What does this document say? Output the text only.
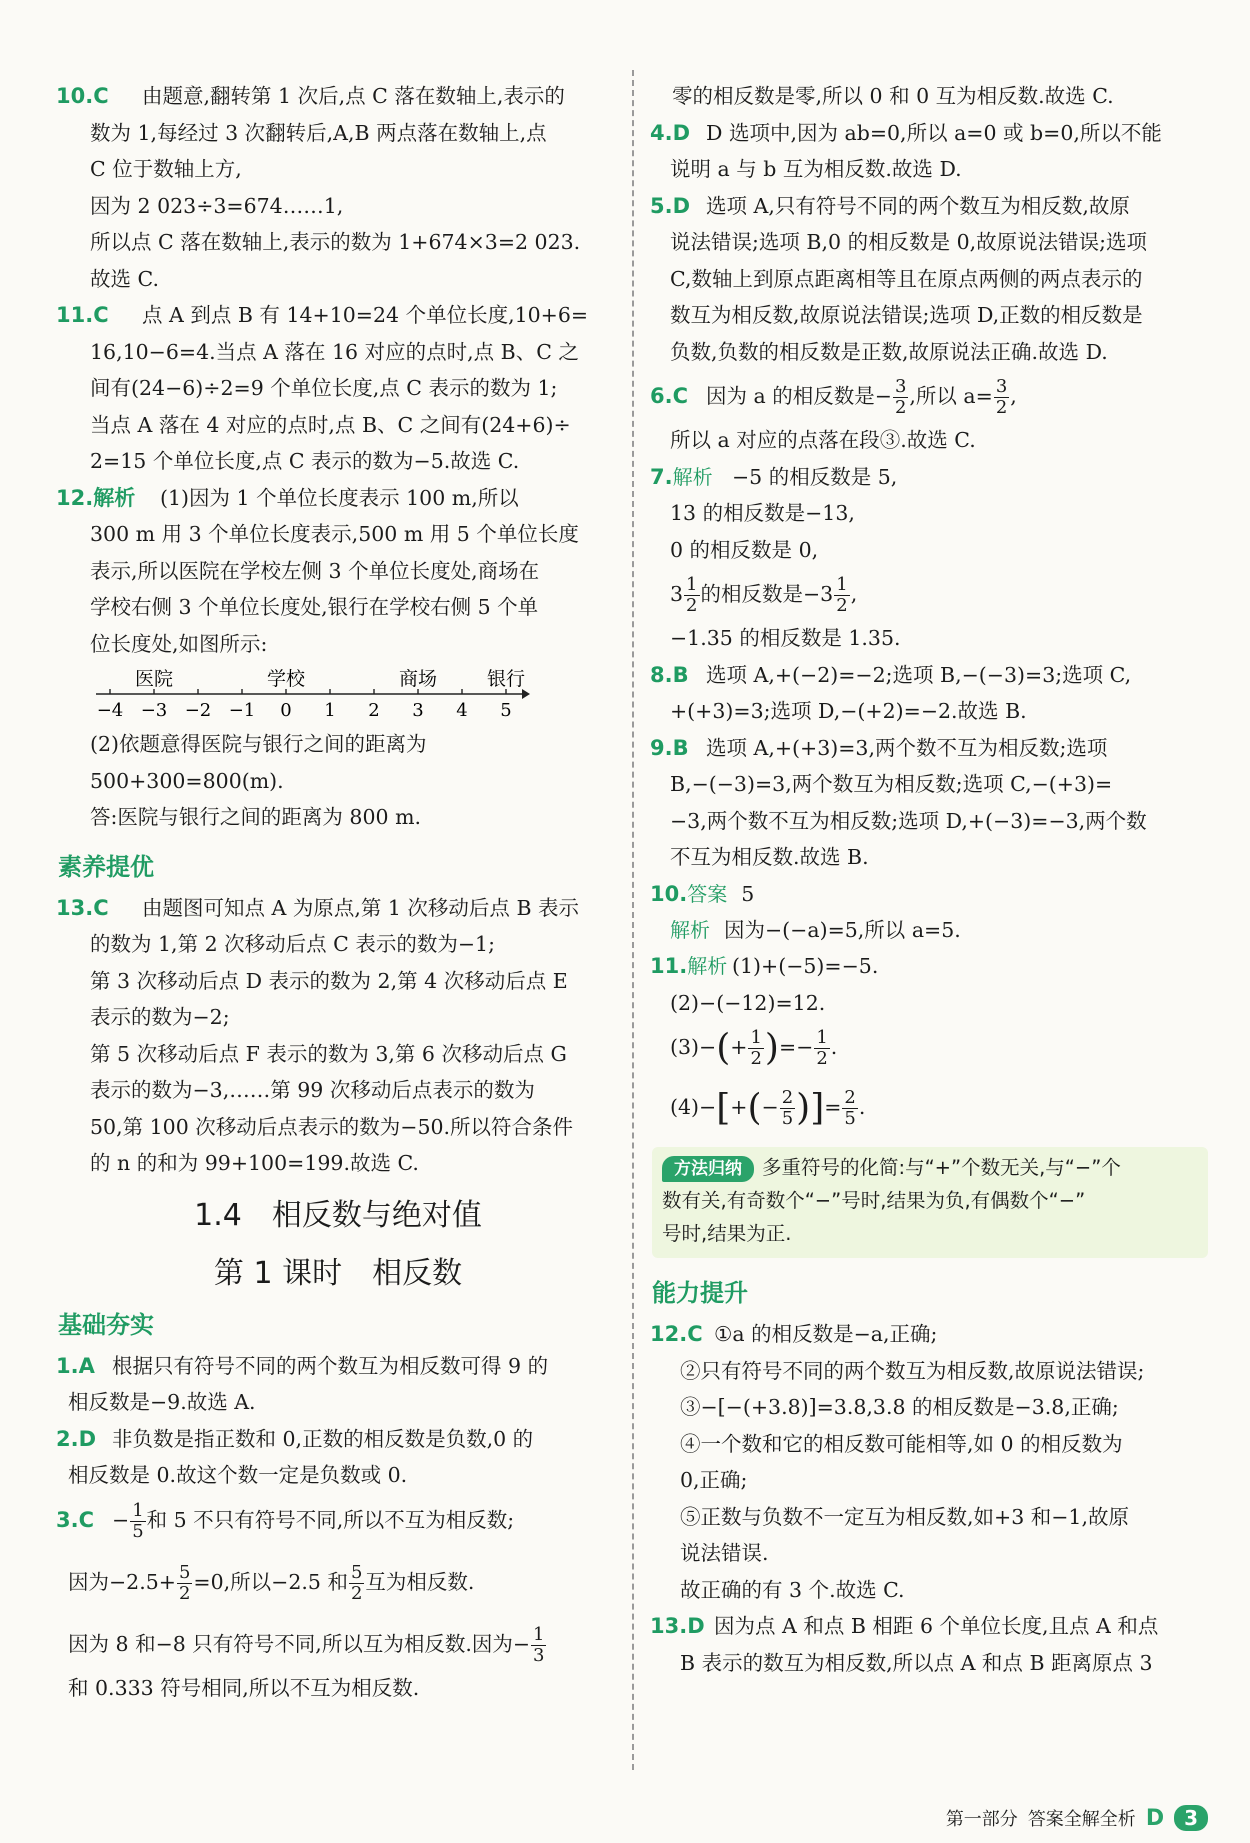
10.C	由题意,翻转第 1 次后,点 C 落在数轴上,表示的
数为 1,每经过 3 次翻转后,A,B 两点落在数轴上,点
C 位于数轴上方,
因为 2 023÷3=674……1,
所以点 C 落在数轴上,表示的数为 1+674×3=2 023.
故选 C.
11.C	点 A 到点 B 有 14+10=24 个单位长度,10+6=
16,10−6=4.当点 A 落在 16 对应的点时,点 B、C 之
间有(24−6)÷2=9 个单位长度,点 C 表示的数为 1;
当点 A 落在 4 对应的点时,点 B、C 之间有(24+6)÷
2=15 个单位长度,点 C 表示的数为−5.故选 C.
12.解析	(1)因为 1 个单位长度表示 100 m,所以
300 m 用 3 个单位长度表示,500 m 用 5 个单位长度
表示,所以医院在学校左侧 3 个单位长度处,商场在
学校右侧 3 个单位长度处,银行在学校右侧 5 个单
位长度处,如图所示:
−4 −3 −2 −1 0 1 2 3 4 5
医院	学校	商场	银行
(2)依题意得医院与银行之间的距离为
500+300=800(m).
答:医院与银行之间的距离为 800 m.
素养提优
13.C	由题图可知点 A 为原点,第 1 次移动后点 B 表示
的数为 1,第 2 次移动后点 C 表示的数为−1;
第 3 次移动后点 D 表示的数为 2,第 4 次移动后点 E
表示的数为−2;
第 5 次移动后点 F 表示的数为 3,第 6 次移动后点 G
表示的数为−3,……第 99 次移动后点表示的数为
50,第 100 次移动后点表示的数为−50.所以符合条件
的 n 的和为 99+100=199.故选 C.
1.4　相反数与绝对值
第 1 课时　相反数
基础夯实
1.A 根据只有符号不同的两个数互为相反数可得 9 的
相反数是−9.故选 A.
2.D 非负数是指正数和 0,正数的相反数是负数,0 的
相反数是 0.故这个数一定是负数或 0.
$3.C - \frac{1}{5}$ 和 5 不只有符号不同,所以不互为相反数;
因为$-2.5+ \frac{5}{2} =0$,所以−2.5 和 $\frac{5}{2}$ 互为相反数.
因为 8 和−8 只有符号不同,所以互为相反数.因为− $\frac{1}{3}$
和 0.333 符号相同,所以不互为相反数.
零的相反数是零,所以 0 和 0 互为相反数.故选 C.
4.D D 选项中,因为 ab=0,所以 a=0 或 b=0,所以不能
说明 a 与 b 互为相反数.故选 D.
5.D 选项 A,只有符号不同的两个数互为相反数,故原
说法错误;选项 B,0 的相反数是 0,故原说法错误;选项
C,数轴上到原点距离相等且在原点两侧的两点表示的
数互为相反数,故原说法错误;选项 D,正数的相反数是
负数,负数的相反数是正数,故原说法正确.故选 D.
6.C 因为 a 的相反数是− $\frac{3}{2}$ ,所以 $a= \frac{3}{2}$ ,
所以 a 对应的点落在段③.故选 C.
7.解析 −5 的相反数是 5,
13 的相反数是−13,
0 的相反数是 0,
$3 \frac{1}{2}$ 的相反数是$-3 \frac{1}{2}$ ,
−1.35 的相反数是 1.35.
8.B 选项 A,+(−2)=−2;选项 B,−(−3)=3;选项 C,
+(+3)=3;选项 D,−(+2)=−2.故选 B.
9.B 选项 A,+(+3)=3,两个数不互为相反数;选项
B,−(−3)=3,两个数互为相反数;选项 C,−(+3)=
−3,两个数不互为相反数;选项 D,+(−3)=−3,两个数
不互为相反数.故选 B.
10.答案 5
解析 因为−(−a)=5,所以 a=5.
11.解析 (1)+(−5)=−5.
(2)−(−12)=12.
$(3)-(+ \frac{1}{2}$ )=− $\frac{1}{2}$ .
$(4)-[+(- \frac{2}{5}$ )]= $\frac{2}{5}$ .
方法归纳 多重符号的化简:与“+”个数无关,与“−”个
数有关,有奇数个“−”号时,结果为负,有偶数个“−”
号时,结果为正.
能力提升
12.C ①a 的相反数是−a,正确;
②只有符号不同的两个数互为相反数,故原说法错误;
③−[−(+3.8)]=3.8,3.8 的相反数是−3.8,正确;
④一个数和它的相反数可能相等,如 0 的相反数为
0,正确;
⑤正数与负数不一定互为相反数,如+3 和−1,故原
说法错误.
故正确的有 3 个.故选 C.
13.D 因为点 A 和点 B 相距 6 个单位长度,且点 A 和点
B 表示的数互为相反数,所以点 A 和点 B 距离原点 3
第一部分 答案全解全析 D	3
